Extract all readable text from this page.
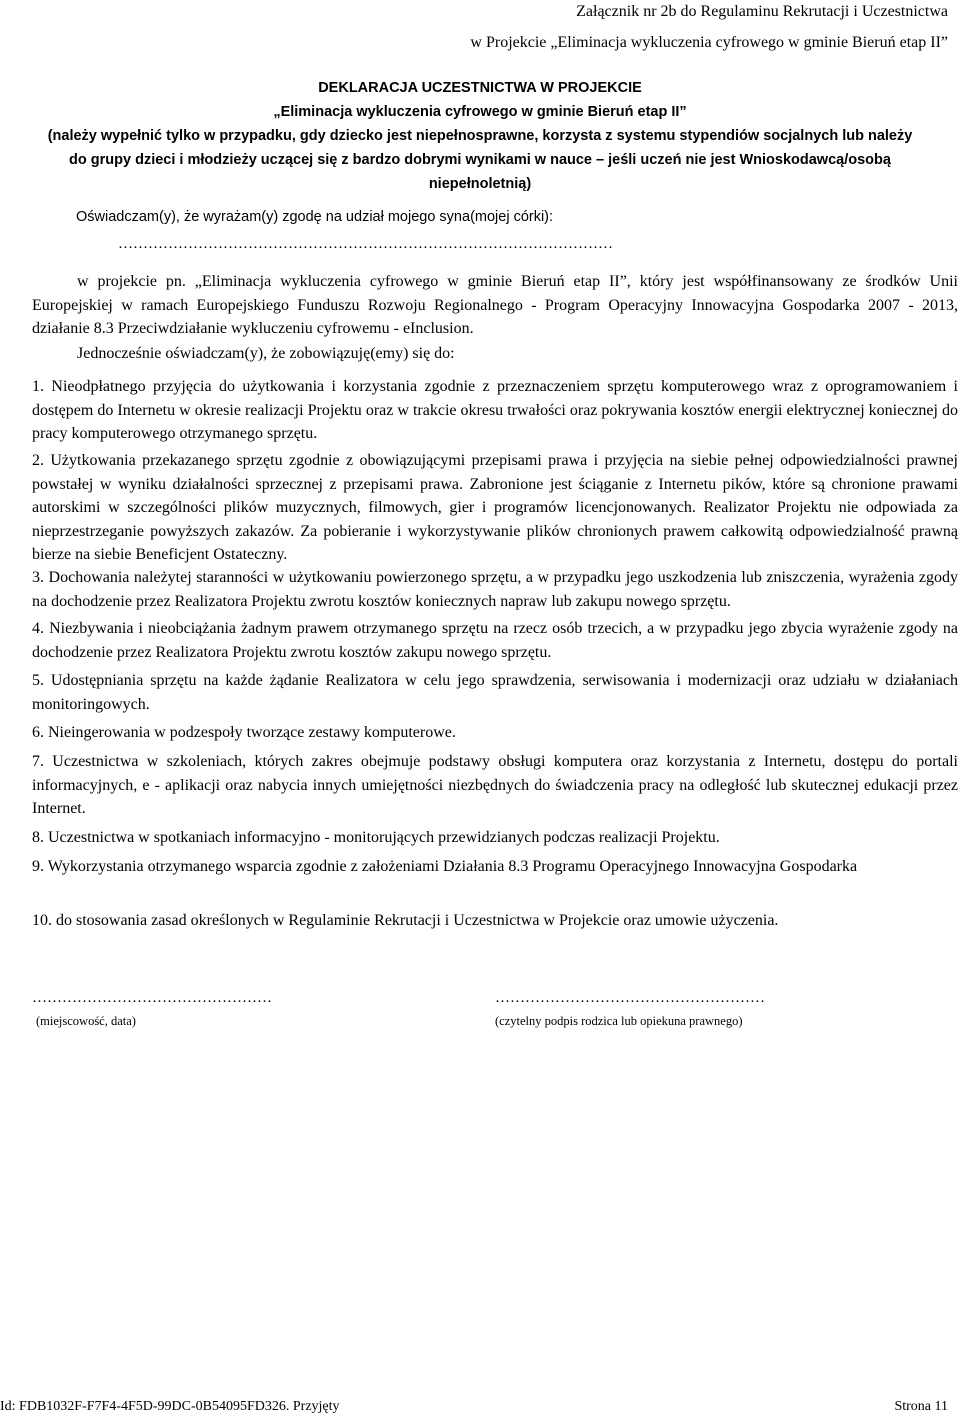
Załącznik nr 2b do Regulaminu Rekrutacji i Uczestnictwa
w Projekcie „Eliminacja wykluczenia cyfrowego w gminie Bieruń etap II”
DEKLARACJA UCZESTNICTWA W PROJEKCIE
„Eliminacja wykluczenia cyfrowego w gminie Bieruń etap II”
(należy wypełnić tylko w przypadku, gdy dziecko jest niepełnosprawne, korzysta z systemu stypendiów socjalnych lub należy do grupy dzieci i młodzieży uczącej się z bardzo dobrymi wynikami w nauce – jeśli uczeń nie jest Wnioskodawcą/osobą niepełnoletnią)

Oświadczam(y), że wyrażam(y) zgodę na udział mojego syna(mojej córki):

………………………………………………………………………………………

w projekcie pn. „Eliminacja wykluczenia cyfrowego w gminie Bieruń etap II”, który jest współfinansowany ze środków Unii Europejskiej w ramach Europejskiego Funduszu Rozwoju Regionalnego - Program Operacyjny Innowacyjna Gospodarka 2007 - 2013, działanie 8.3 Przeciwdziałanie wykluczeniu cyfrowemu - eInclusion.

Jednocześnie oświadczam(y), że zobowiązuję(emy) się do:

1. Nieodpłatnego przyjęcia do użytkowania i korzystania zgodnie z przeznaczeniem sprzętu komputerowego wraz z oprogramowaniem i dostępem do Internetu w okresie realizacji Projektu oraz w trakcie okresu trwałości oraz pokrywania kosztów energii elektrycznej koniecznej do pracy komputerowego otrzymanego sprzętu.

2. Użytkowania przekazanego sprzętu zgodnie z obowiązującymi przepisami prawa i przyjęcia na siebie pełnej odpowiedzialności prawnej powstałej w wyniku działalności sprzecznej z przepisami prawa. Zabronione jest ściąganie z Internetu pików, które są chronione prawami autorskimi w szczególności plików muzycznych, filmowych, gier i programów licencjonowanych. Realizator Projektu nie odpowiada za nieprzestrzeganie powyższych zakazów. Za pobieranie i wykorzystywanie plików chronionych prawem całkowitą odpowiedzialność prawną bierze na siebie Beneficjent Ostateczny.

3. Dochowania należytej staranności w użytkowaniu powierzonego sprzętu, a w przypadku jego uszkodzenia lub zniszczenia, wyrażenia zgody na dochodzenie przez Realizatora Projektu zwrotu kosztów koniecznych napraw lub zakupu nowego sprzętu.

4. Niezbywania i nieobciążania żadnym prawem otrzymanego sprzętu na rzecz osób trzecich, a w przypadku jego zbycia wyrażenie zgody na dochodzenie przez Realizatora Projektu zwrotu kosztów zakupu nowego sprzętu.

5. Udostępniania sprzętu na każde żądanie Realizatora w celu jego sprawdzenia, serwisowania i modernizacji oraz udziału w działaniach monitoringowych.

6. Nieingerowania w podzespoły tworzące zestawy komputerowe.

7. Uczestnictwa w szkoleniach, których zakres obejmuje podstawy obsługi komputera oraz korzystania z Internetu, dostępu do portali informacyjnych, e - aplikacji oraz nabycia innych umiejętności niezbędnych do świadczenia pracy na odległość lub skutecznej edukacji przez Internet.

8. Uczestnictwa w spotkaniach informacyjno - monitorujących przewidzianych podczas realizacji Projektu.

9. Wykorzystania otrzymanego wsparcia zgodnie z założeniami Działania 8.3 Programu Operacyjnego Innowacyjna Gospodarka

10. do stosowania zasad określonych w Regulaminie Rekrutacji i Uczestnictwa w Projekcie oraz umowie użyczenia.

…………………………………………
(miejscowość, data)
………………………………………………
(czytelny podpis rodzica lub opiekuna prawnego)
Id: FDB1032F-F7F4-4F5D-99DC-0B54095FD326. Przyjęty	Strona 11
